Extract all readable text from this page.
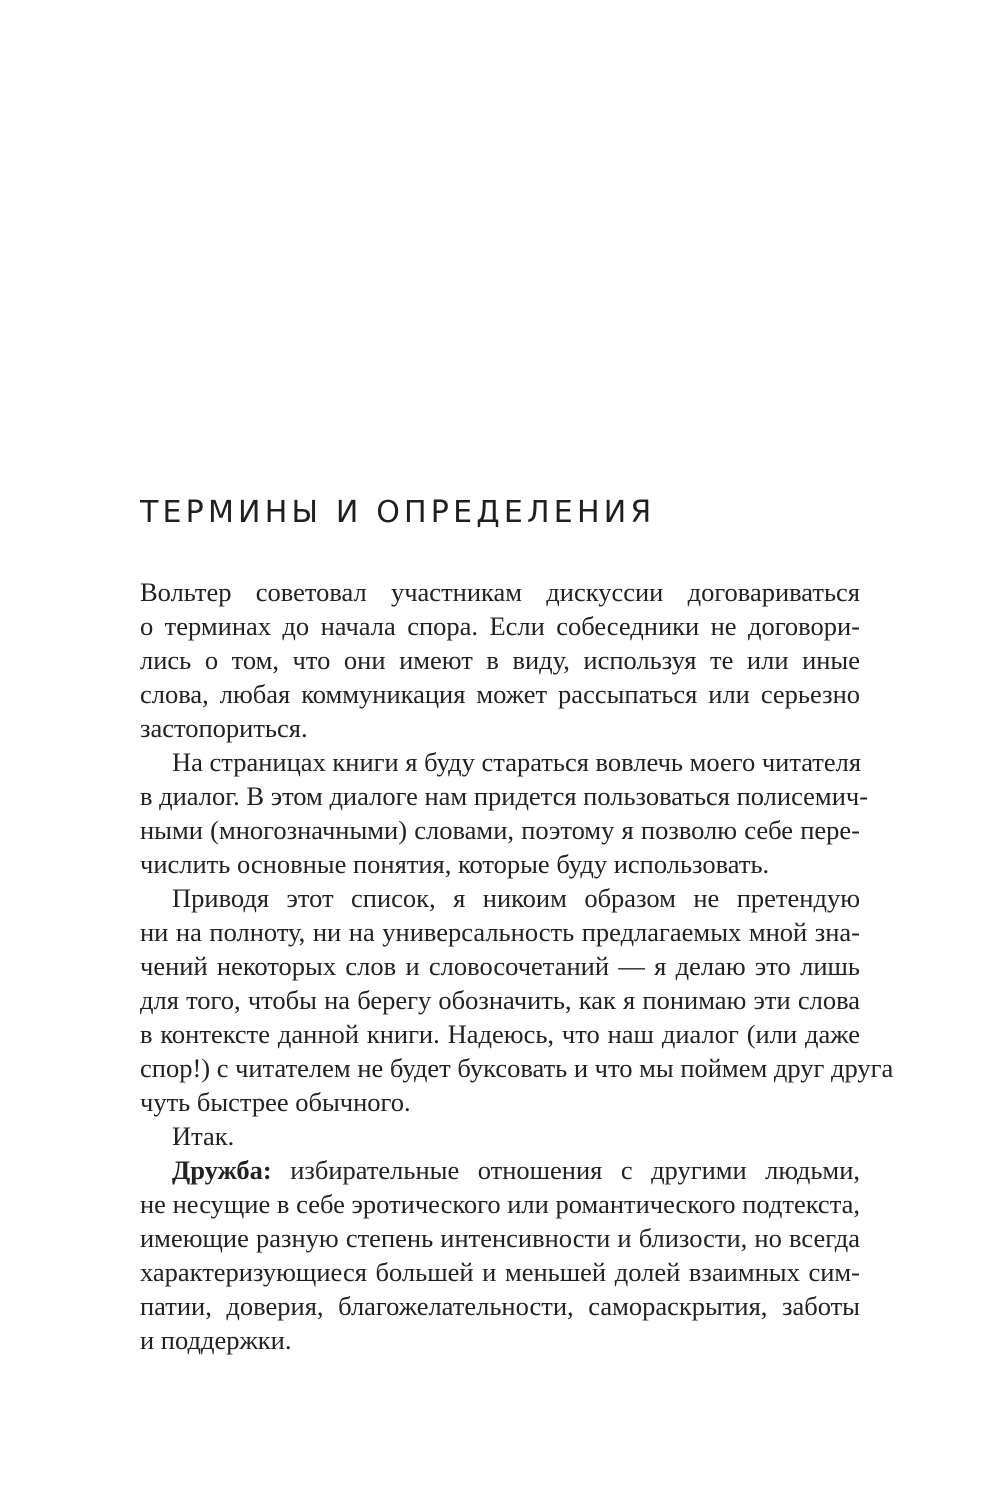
ТЕРМИНЫ И ОПРЕДЕЛЕНИЯ

Вольтер советовал участникам дискуссии договариваться

о терминах до начала спора. Если собеседники не договори-

лись о том, что они имеют в виду, используя те или иные

слова, любая коммуникация может рассыпаться или серьезно

застопориться.

На страницах книги я буду стараться вовлечь моего читателя

в диалог. В этом диалоге нам придется пользоваться полисемич-

ными (многозначными) словами, поэтому я позволю себе пере-

числить основные понятия, которые буду использовать.

Приводя этот список, я никоим образом не претендую

ни на полноту, ни на универсальность предлагаемых мной зна-

чений некоторых слов и словосочетаний — я делаю это лишь

для того, чтобы на берегу обозначить, как я понимаю эти слова

в контексте данной книги. Надеюсь, что наш диалог (или даже

спор!) с читателем не будет буксовать и что мы поймем друг друга

чуть быстрее обычного.

Итак.

Дружба: избирательные отношения с другими людьми,

не несущие в себе эротического или романтического подтекста,

имеющие разную степень интенсивности и близости, но всегда

характеризующиеся большей и меньшей долей взаимных сим-

патии, доверия, благожелательности, самораскрытия, заботы

и поддержки.
